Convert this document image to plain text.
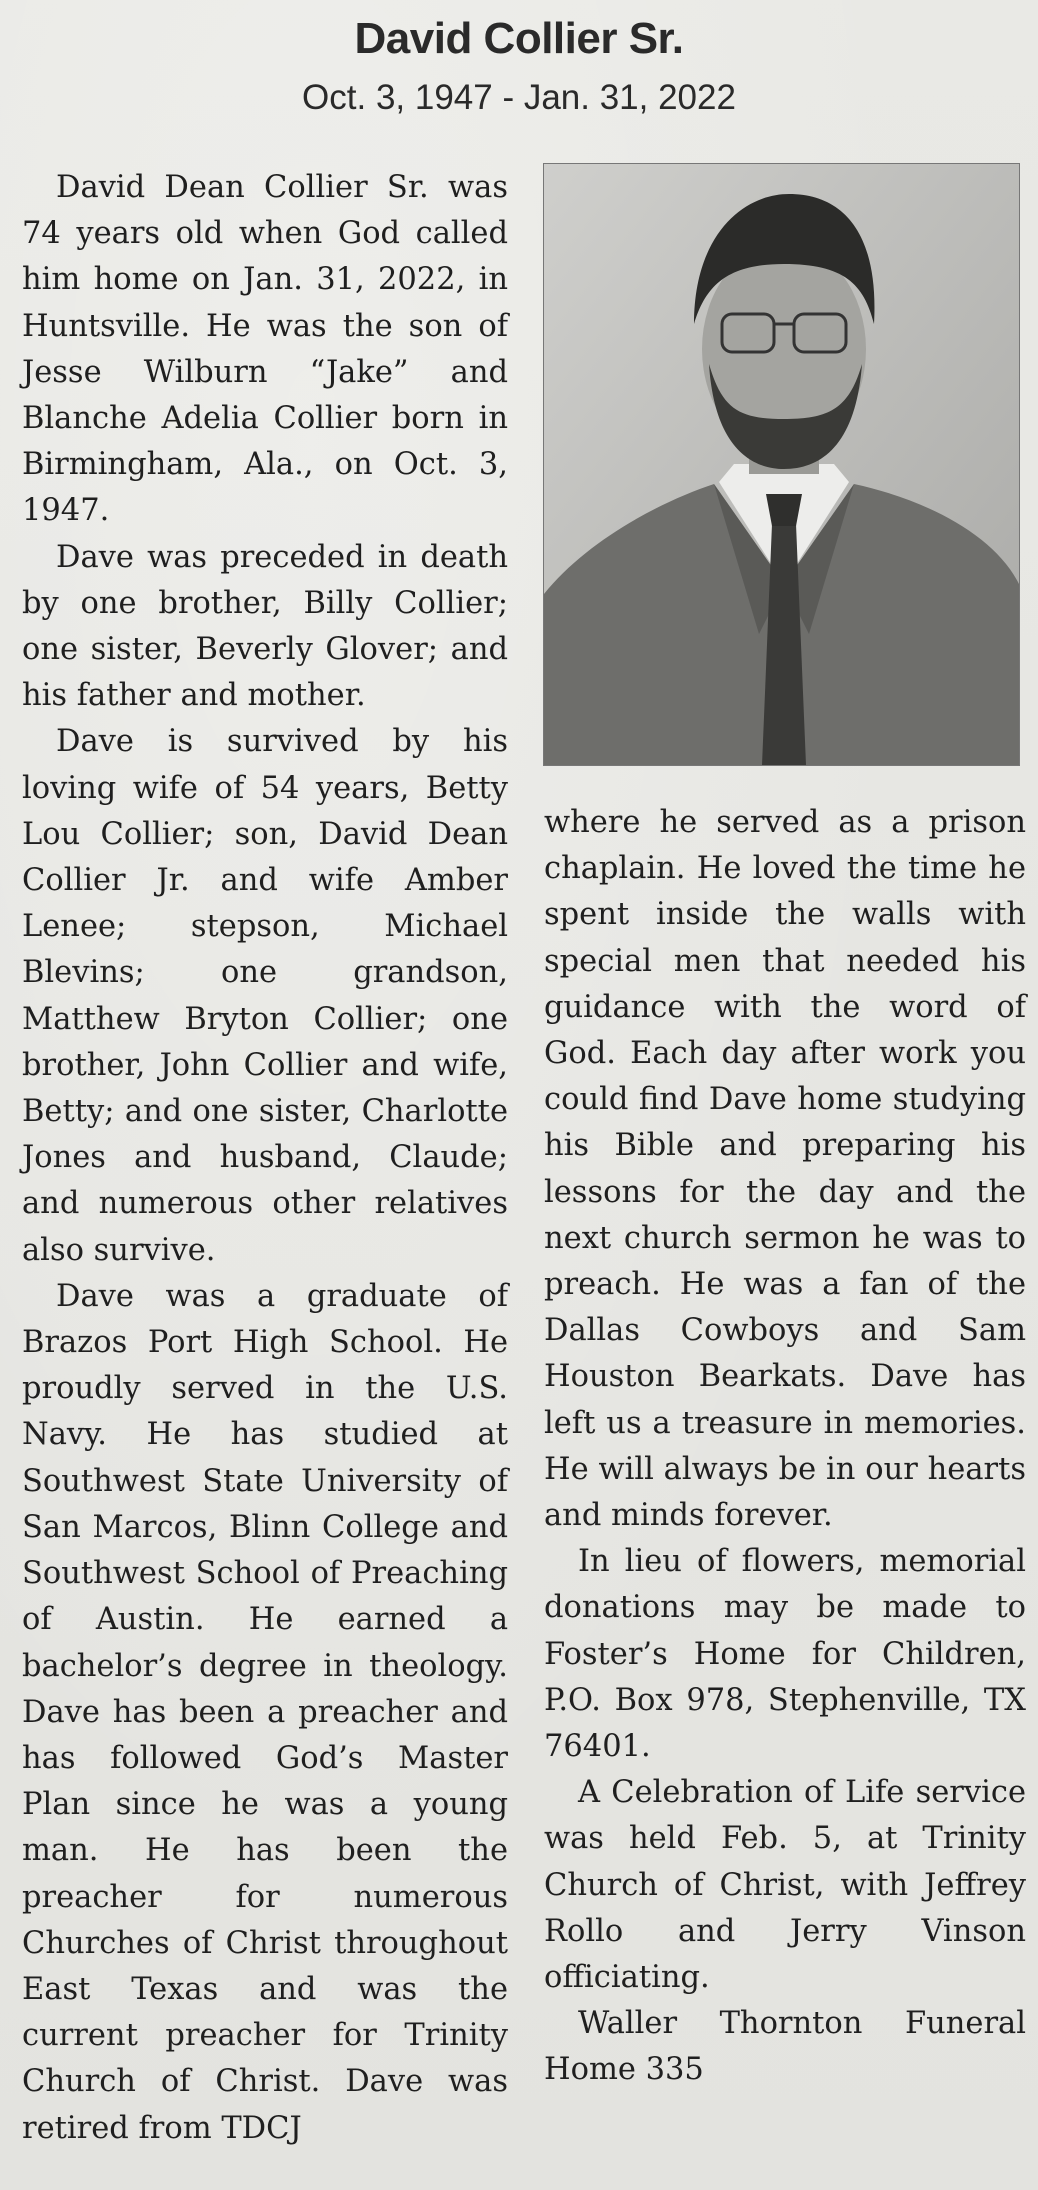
David Collier Sr.
Oct. 3, 1947 - Jan. 31, 2022

David Dean Collier Sr. was 74 years old when God called him home on Jan. 31, 2022, in Huntsville. He was the son of Jesse Wilburn “Jake” and Blanche Adelia Collier born in Birmingham, Ala., on Oct. 3, 1947.

Dave was preceded in death by one brother, Billy Collier; one sister, Beverly Glover; and his father and mother.

Dave is survived by his loving wife of 54 years, Betty Lou Collier; son, David Dean Collier Jr. and wife Amber Lenee; stepson, Michael Blevins; one grandson, Matthew Bryton Collier; one brother, John Collier and wife, Betty; and one sister, Charlotte Jones and husband, Claude; and numerous other relatives also survive.

Dave was a graduate of Brazos Port High School. He proudly served in the U.S. Navy. He has studied at Southwest State University of San Marcos, Blinn College and Southwest School of Preaching of Austin. He earned a bachelor’s degree in theology. Dave has been a preacher and has followed God’s Master Plan since he was a young man. He has been the preacher for numerous Churches of Christ throughout East Texas and was the current preacher for Trinity Church of Christ. Dave was retired from TDCJ

where he served as a prison chaplain. He loved the time he spent inside the walls with special men that needed his guidance with the word of God. Each day after work you could find Dave home studying his Bible and preparing his lessons for the day and the next church sermon he was to preach. He was a fan of the Dallas Cowboys and Sam Houston Bearkats. Dave has left us a treasure in memories. He will always be in our hearts and minds forever.

In lieu of flowers, memorial donations may be made to Foster’s Home for Children, P.O. Box 978, Stephenville, TX 76401.

A Celebration of Life service was held Feb. 5, at Trinity Church of Christ, with Jeffrey Rollo and Jerry Vinson officiating.

Waller Thornton Funeral Home 335
